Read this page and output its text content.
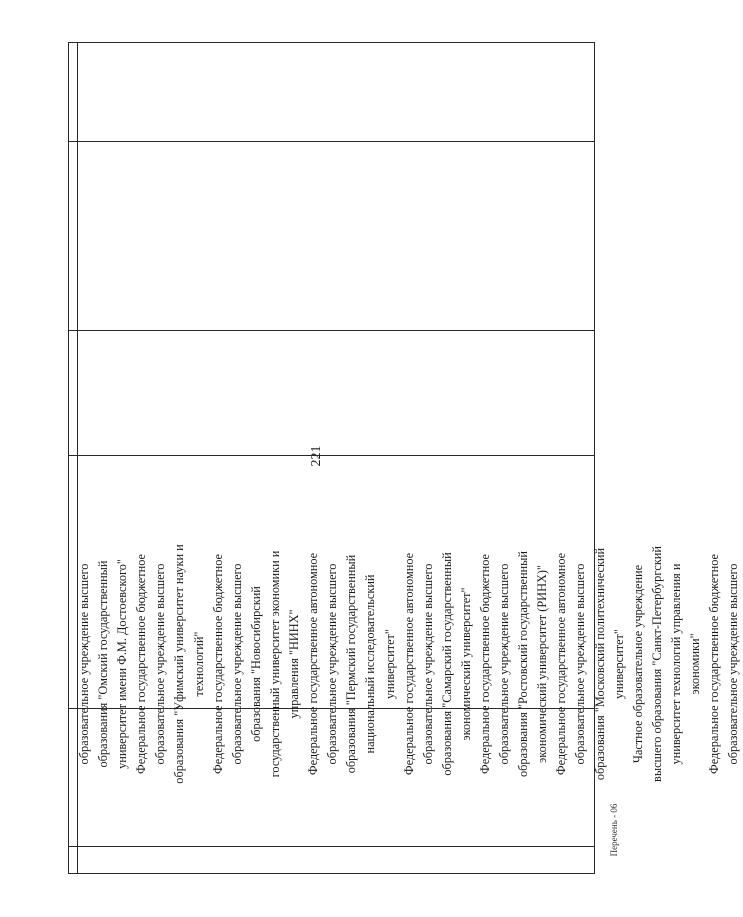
221
образовательное учреждение высшего образования "Омский государственный университет имени Ф.М. Достоевского" Федеральное государственное бюджетное образовательное учреждение высшего образования "Уфимский университет науки и технологий" Федеральное государственное бюджетное образовательное учреждение высшего образования "Новосибирский государственный университет экономики и управления "НИНХ" Федеральное государственное автономное образовательное учреждение высшего образования "Пермский государственный национальный исследовательский университет" Федеральное государственное автономное образовательное учреждение высшего образования "Самарский государственный экономический университет" Федеральное государственное бюджетное образовательное учреждение высшего образования "Ростовский государственный экономический университет (РИНХ)" Федеральное государственное автономное образовательное учреждение высшего образования "Московский политехнический университет" Частное образовательное учреждение высшего образования "Санкт-Петербургский университет технологий управления и экономики" Федеральное государственное бюджетное образовательное учреждение высшего
Перечень - 06
